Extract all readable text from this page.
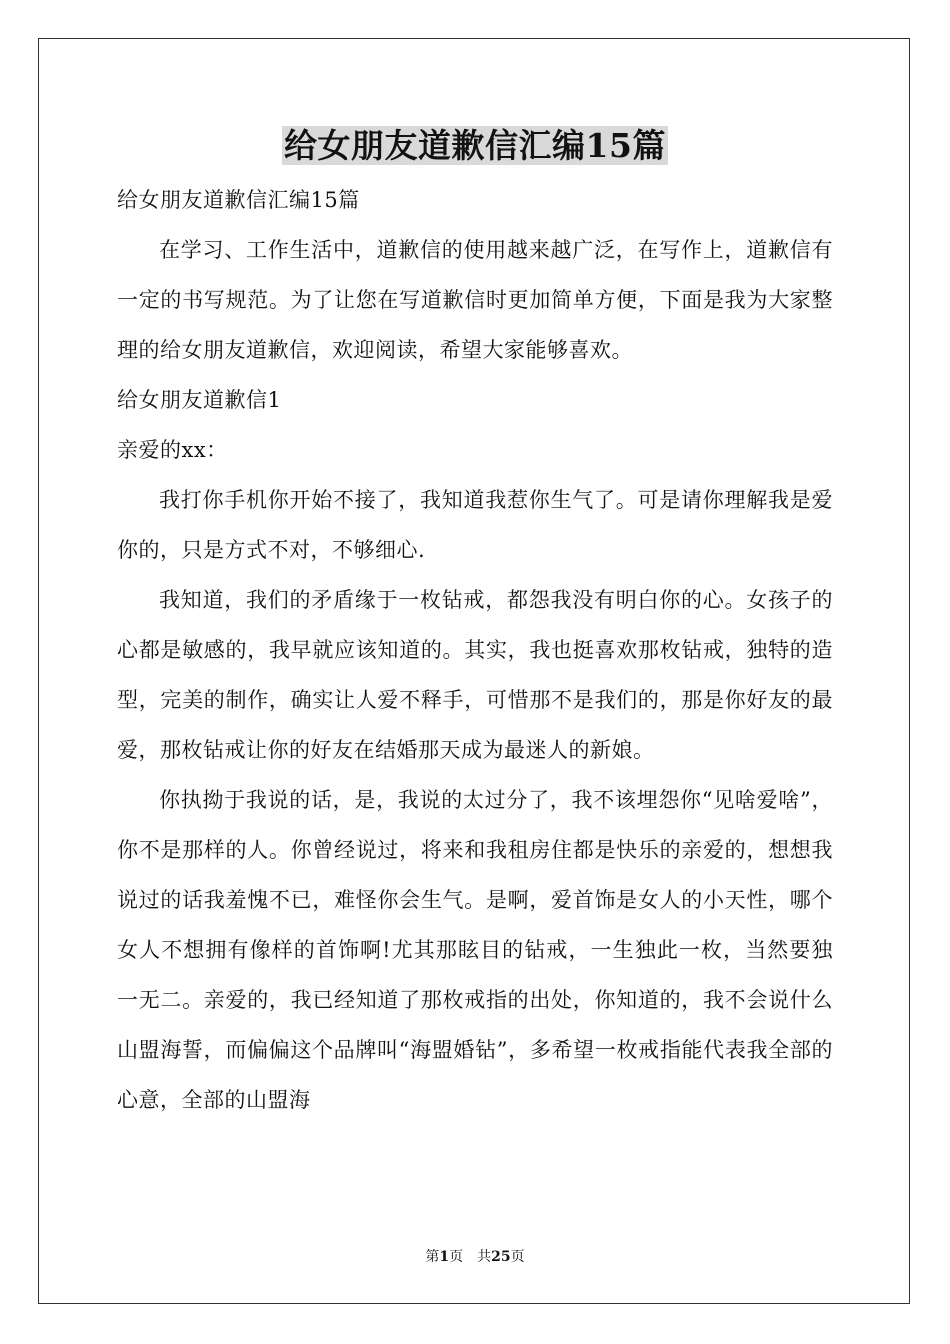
给女朋友道歉信汇编15篇

给女朋友道歉信汇编15篇

在学习、工作生活中，道歉信的使用越来越广泛，在写作上，道歉信有一定的书写规范。为了让您在写道歉信时更加简单方便，下面是我为大家整理的给女朋友道歉信，欢迎阅读，希望大家能够喜欢。

给女朋友道歉信1

亲爱的xx：

我打你手机你开始不接了，我知道我惹你生气了。可是请你理解我是爱你的，只是方式不对，不够细心.

我知道，我们的矛盾缘于一枚钻戒，都怨我没有明白你的心。女孩子的心都是敏感的，我早就应该知道的。其实，我也挺喜欢那枚钻戒，独特的造型，完美的制作，确实让人爱不释手，可惜那不是我们的，那是你好友的最爱，那枚钻戒让你的好友在结婚那天成为最迷人的新娘。

你执拗于我说的话，是，我说的太过分了，我不该埋怨你“见啥爱啥”，你不是那样的人。你曾经说过，将来和我租房住都是快乐的亲爱的，想想我说过的话我羞愧不已，难怪你会生气。是啊，爱首饰是女人的小天性，哪个女人不想拥有像样的首饰啊!尤其那眩目的钻戒，一生独此一枚，当然要独一无二。亲爱的，我已经知道了那枚戒指的出处，你知道的，我不会说什么山盟海誓，而偏偏这个品牌叫“海盟婚钻”，多希望一枚戒指能代表我全部的心意，全部的山盟海

第1页 共25页
